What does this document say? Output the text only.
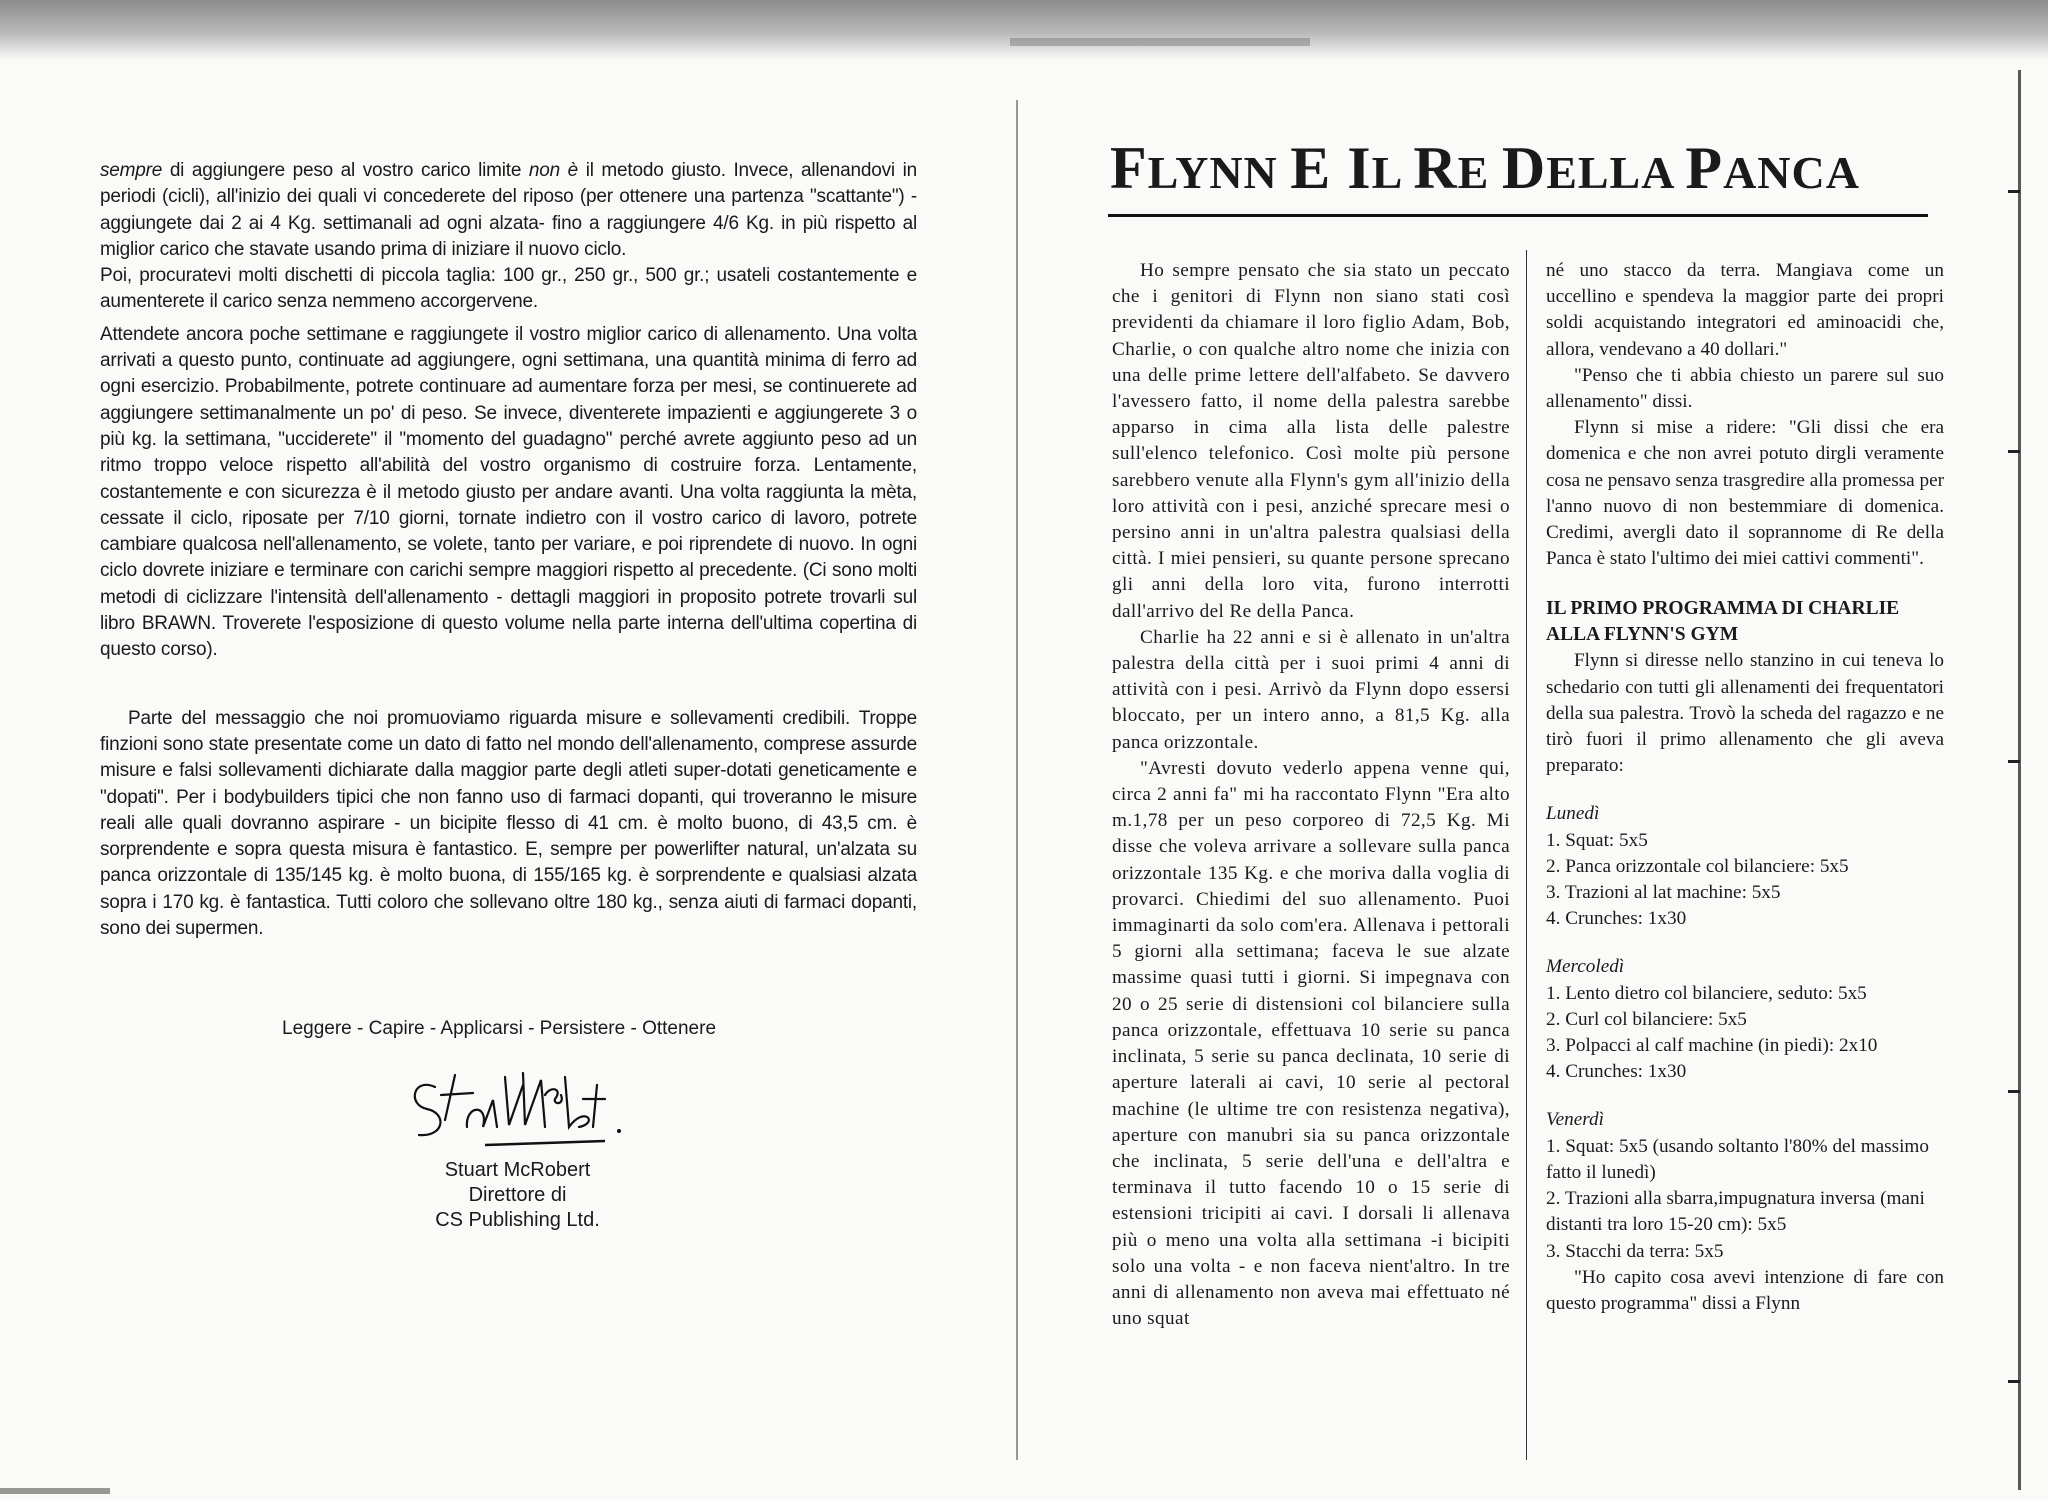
sempre di aggiungere peso al vostro carico limite non è il metodo giusto. Invece, allenandovi in periodi (cicli), all'inizio dei quali vi concederete del riposo (per ottenere una partenza "scattante") - aggiungete dai 2 ai 4 Kg. settimanali ad ogni alzata- fino a raggiungere 4/6 Kg. in più rispetto al miglior carico che stavate usando prima di iniziare il nuovo ciclo.

Poi, procuratevi molti dischetti di piccola taglia: 100 gr., 250 gr., 500 gr.; usateli costantemente e aumenterete il carico senza nemmeno accorgervene.

Attendete ancora poche settimane e raggiungete il vostro miglior carico di allenamento. Una volta arrivati a questo punto, continuate ad aggiungere, ogni settimana, una quantità minima di ferro ad ogni esercizio. Probabilmente, potrete continuare ad aumentare forza per mesi, se continuerete ad aggiungere settimanalmente un po' di peso. Se invece, diventerete impazienti e aggiungerete 3 o più kg. la settimana, "ucciderete" il "momento del guadagno" perché avrete aggiunto peso ad un ritmo troppo veloce rispetto all'abilità del vostro organismo di costruire forza. Lentamente, costantemente e con sicurezza è il metodo giusto per andare avanti. Una volta raggiunta la mèta, cessate il ciclo, riposate per 7/10 giorni, tornate indietro con il vostro carico di lavoro, potrete cambiare qualcosa nell'allenamento, se volete, tanto per variare, e poi riprendete di nuovo. In ogni ciclo dovrete iniziare e terminare con carichi sempre maggiori rispetto al precedente. (Ci sono molti metodi di ciclizzare l'intensità dell'allenamento - dettagli maggiori in proposito potrete trovarli sul libro BRAWN. Troverete l'esposizione di questo volume nella parte interna dell'ultima copertina di questo corso).

Parte del messaggio che noi promuoviamo riguarda misure e sollevamenti credibili. Troppe finzioni sono state presentate come un dato di fatto nel mondo dell'allenamento, comprese assurde misure e falsi sollevamenti dichiarate dalla maggior parte degli atleti super-dotati geneticamente e "dopati". Per i bodybuilders tipici che non fanno uso di farmaci dopanti, qui troveranno le misure reali alle quali dovranno aspirare - un bicipite flesso di 41 cm. è molto buono, di 43,5 cm. è sorprendente e sopra questa misura è fantastico. E, sempre per powerlifter natural, un'alzata su panca orizzontale di 135/145 kg. è molto buona, di 155/165 kg. è sorprendente e qualsiasi alzata sopra i 170 kg. è fantastica. Tutti coloro che sollevano oltre 180 kg., senza aiuti di farmaci dopanti, sono dei supermen.

Leggere - Capire - Applicarsi - Persistere - Ottenere
Stuart McRobert
Direttore di
CS Publishing Ltd.
FLYNN E IL RE DELLA PANCA

Ho sempre pensato che sia stato un peccato che i genitori di Flynn non siano stati così previdenti da chiamare il loro figlio Adam, Bob, Charlie, o con qualche altro nome che inizia con una delle prime lettere dell'alfabeto. Se davvero l'avessero fatto, il nome della palestra sarebbe apparso in cima alla lista delle palestre sull'elenco telefonico. Così molte più persone sarebbero venute alla Flynn's gym all'inizio della loro attività con i pesi, anziché sprecare mesi o persino anni in un'altra palestra qualsiasi della città. I miei pensieri, su quante persone sprecano gli anni della loro vita, furono interrotti dall'arrivo del Re della Panca.

Charlie ha 22 anni e si è allenato in un'altra palestra della città per i suoi primi 4 anni di attività con i pesi. Arrivò da Flynn dopo essersi bloccato, per un intero anno, a 81,5 Kg. alla panca orizzontale.

"Avresti dovuto vederlo appena venne qui, circa 2 anni fa" mi ha raccontato Flynn "Era alto m.1,78 per un peso corporeo di 72,5 Kg. Mi disse che voleva arrivare a sollevare sulla panca orizzontale 135 Kg. e che moriva dalla voglia di provarci. Chiedimi del suo allenamento. Puoi immaginarti da solo com'era. Allenava i pettorali 5 giorni alla settimana; faceva le sue alzate massime quasi tutti i giorni. Si impegnava con 20 o 25 serie di distensioni col bilanciere sulla panca orizzontale, effettuava 10 serie su panca inclinata, 5 serie su panca declinata, 10 serie di aperture laterali ai cavi, 10 serie al pectoral machine (le ultime tre con resistenza negativa), aperture con manubri sia su panca orizzontale che inclinata, 5 serie dell'una e dell'altra e terminava il tutto facendo 10 o 15 serie di estensioni tricipiti ai cavi. I dorsali li allenava più o meno una volta alla settimana -i bicipiti solo una volta - e non faceva nient'altro. In tre anni di allenamento non aveva mai effettuato né uno squat

né uno stacco da terra. Mangiava come un uccellino e spendeva la maggior parte dei propri soldi acquistando integratori ed aminoacidi che, allora, vendevano a 40 dollari."

"Penso che ti abbia chiesto un parere sul suo allenamento" dissi.

Flynn si mise a ridere: "Gli dissi che era domenica e che non avrei potuto dirgli veramente cosa ne pensavo senza trasgredire alla promessa per l'anno nuovo di non bestemmiare di domenica. Credimi, avergli dato il soprannome di Re della Panca è stato l'ultimo dei miei cattivi commenti".

IL PRIMO PROGRAMMA DI CHARLIE ALLA FLYNN'S GYM

Flynn si diresse nello stanzino in cui teneva lo schedario con tutti gli allenamenti dei frequentatori della sua palestra. Trovò la scheda del ragazzo e ne tirò fuori il primo allenamento che gli aveva preparato:

Lunedì

1. Squat: 5x5
2. Panca orizzontale col bilanciere: 5x5
3. Trazioni al lat machine: 5x5
4. Crunches: 1x30

Mercoledì

1. Lento dietro col bilanciere, seduto: 5x5
2. Curl col bilanciere: 5x5
3. Polpacci al calf machine (in piedi): 2x10
4. Crunches: 1x30

Venerdì

1. Squat: 5x5 (usando soltanto l'80% del massimo fatto il lunedì)
2. Trazioni alla sbarra,impugnatura inversa (mani distanti tra loro 15-20 cm): 5x5
3. Stacchi da terra: 5x5

"Ho capito cosa avevi intenzione di fare con questo programma" dissi a Flynn
